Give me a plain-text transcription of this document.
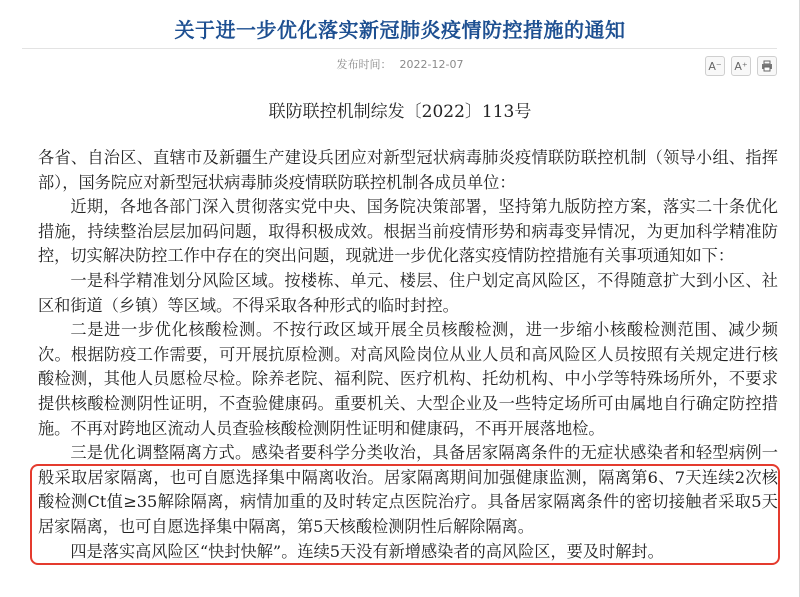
关于进一步优化落实新冠肺炎疫情防控措施的通知
发布时间： 2022-12-07	A⁻ A⁺
联防联控机制综发〔2022〕113号

各省、自治区、直辖市及新疆生产建设兵团应对新型冠状病毒肺炎疫情联防联控机制（领导小组、指挥部），国务院应对新型冠状病毒肺炎疫情联防联控机制各成员单位：

近期，各地各部门深入贯彻落实党中央、国务院决策部署，坚持第九版防控方案，落实二十条优化措施，持续整治层层加码问题，取得积极成效。根据当前疫情形势和病毒变异情况，为更加科学精准防控，切实解决防控工作中存在的突出问题，现就进一步优化落实疫情防控措施有关事项通知如下：

一是科学精准划分风险区域。按楼栋、单元、楼层、住户划定高风险区，不得随意扩大到小区、社区和街道（乡镇）等区域。不得采取各种形式的临时封控。

二是进一步优化核酸检测。不按行政区域开展全员核酸检测，进一步缩小核酸检测范围、减少频次。根据防疫工作需要，可开展抗原检测。对高风险岗位从业人员和高风险区人员按照有关规定进行核酸检测，其他人员愿检尽检。除养老院、福利院、医疗机构、托幼机构、中小学等特殊场所外，不要求提供核酸检测阴性证明，不查验健康码。重要机关、大型企业及一些特定场所可由属地自行确定防控措施。不再对跨地区流动人员查验核酸检测阴性证明和健康码，不再开展落地检。

三是优化调整隔离方式。感染者要科学分类收治，具备居家隔离条件的无症状感染者和轻型病例一般采取居家隔离，也可自愿选择集中隔离收治。居家隔离期间加强健康监测，隔离第6、7天连续2次核酸检测Ct值≥35解除隔离，病情加重的及时转定点医院治疗。具备居家隔离条件的密切接触者采取5天居家隔离，也可自愿选择集中隔离，第5天核酸检测阴性后解除隔离。

四是落实高风险区“快封快解”。连续5天没有新增感染者的高风险区，要及时解封。
